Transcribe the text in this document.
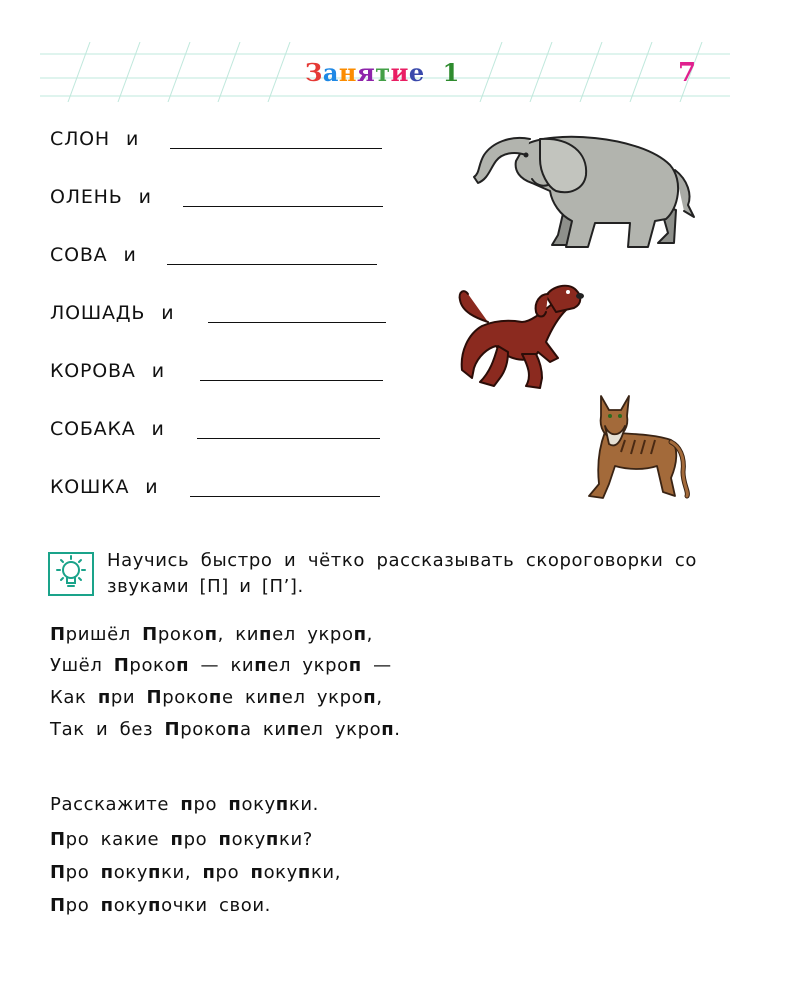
Занятие 1	7
СЛОН и
ОЛЕНЬ и
СОВА и
ЛОШАДЬ и
КОРОВА и
СОБАКА и
КОШКА и
Научись быстро и чётко рассказывать скороговорки со звуками [П] и [П’].
Пришёл Прокоп, кипел укроп,
Ушёл Прокоп — кипел укроп —
Как при Прокопе кипел укроп,
Так и без Прокопа кипел укроп.
Расскажите про покупки.
Про какие про покупки?
Про покупки, про покупки,
Про покупочки свои.
